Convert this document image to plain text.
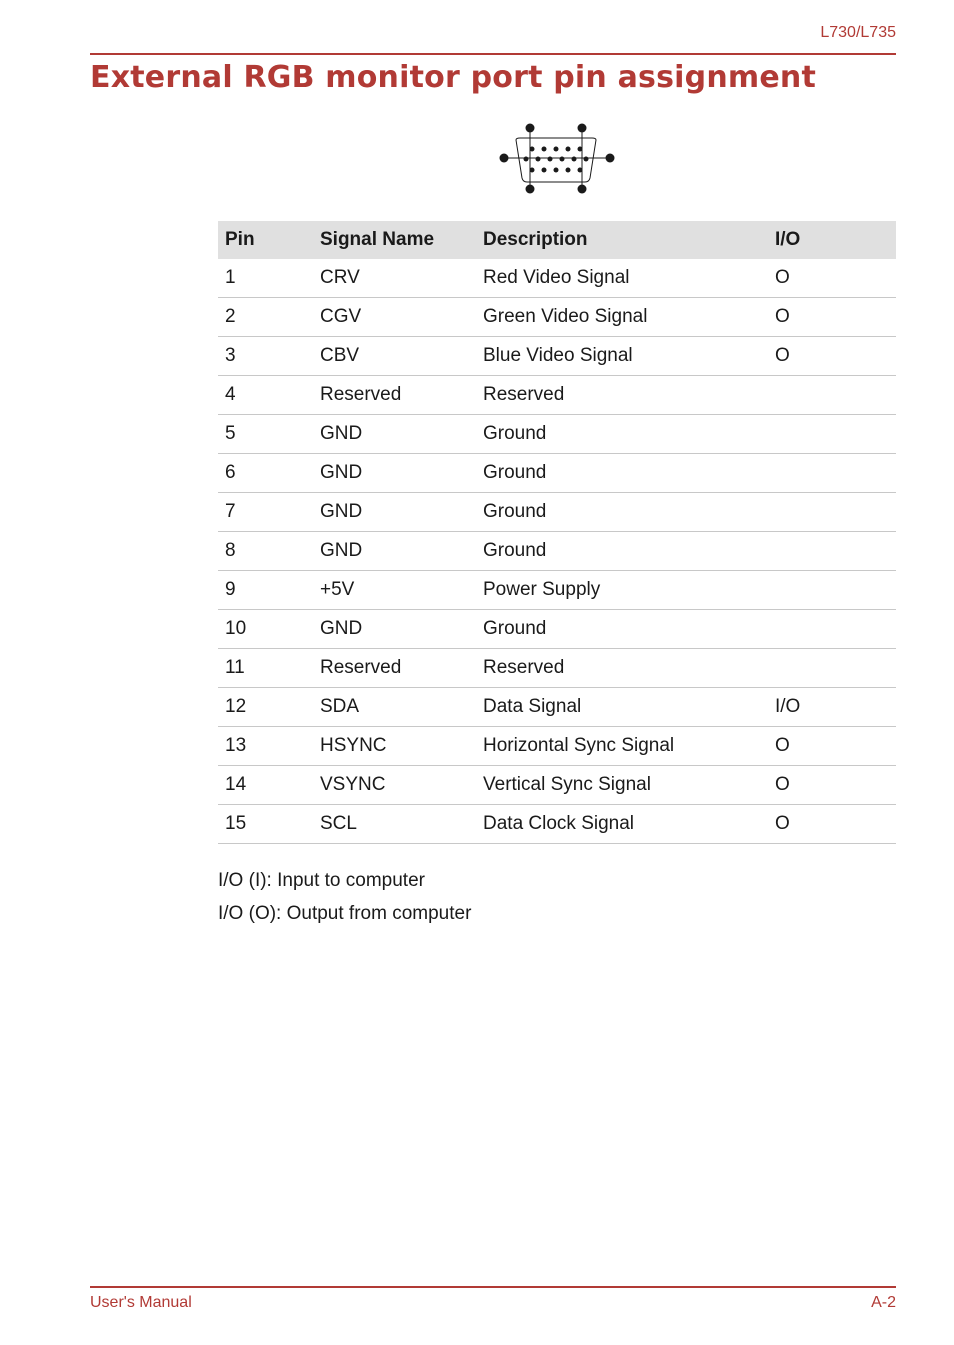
L730/L735
External RGB monitor port pin assignment
Pin	Signal Name	Description	I/O
1	CRV	Red Video Signal	O
2	CGV	Green Video Signal	O
3	CBV	Blue Video Signal	O
4	Reserved	Reserved	
5	GND	Ground	
6	GND	Ground	
7	GND	Ground	
8	GND	Ground	
9	+5V	Power Supply	
10	GND	Ground	
11	Reserved	Reserved	
12	SDA	Data Signal	I/O
13	HSYNC	Horizontal Sync Signal	O
14	VSYNC	Vertical Sync Signal	O
15	SCL	Data Clock Signal	O
I/O (I): Input to computer
I/O (O): Output from computer
User's Manual	A-2
